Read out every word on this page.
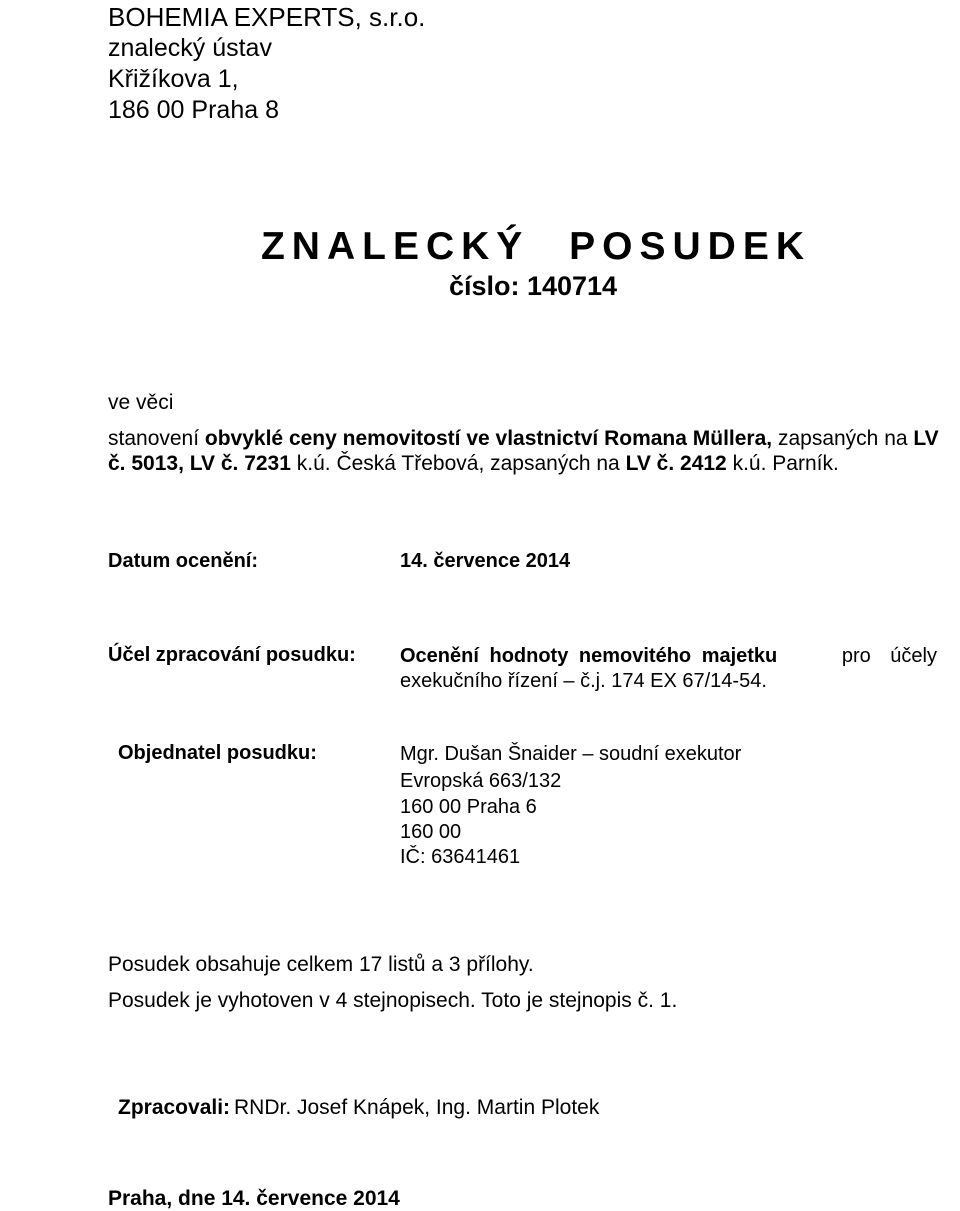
BOHEMIA EXPERTS, s.r.o.
znalecký ústav
Křižíkova 1,
186 00 Praha 8
ZNALECKÝ POSUDEK
číslo: 140714
ve věci
stanovení obvyklé ceny nemovitostí ve vlastnictví Romana Müllera, zapsaných na LV
č. 5013, LV č. 7231 k.ú. Česká Třebová, zapsaných na LV č. 2412 k.ú. Parník.
Datum ocenění:	14. července 2014
Účel zpracování posudku: Ocenění hodnoty nemovitého majetku	pro účely
exekučního řízení – č.j. 174 EX 67/14-54.
Objednatel posudku:	Mgr. Dušan Šnaider – soudní exekutor
Evropská 663/132
160 00 Praha 6
160 00
IČ: 63641461
Posudek obsahuje celkem 17 listů a 3 přílohy.
Posudek je vyhotoven v 4 stejnopisech. Toto je stejnopis č. 1.
Zpracovali: RNDr. Josef Knápek, Ing. Martin Plotek
Praha, dne 14. července 2014
